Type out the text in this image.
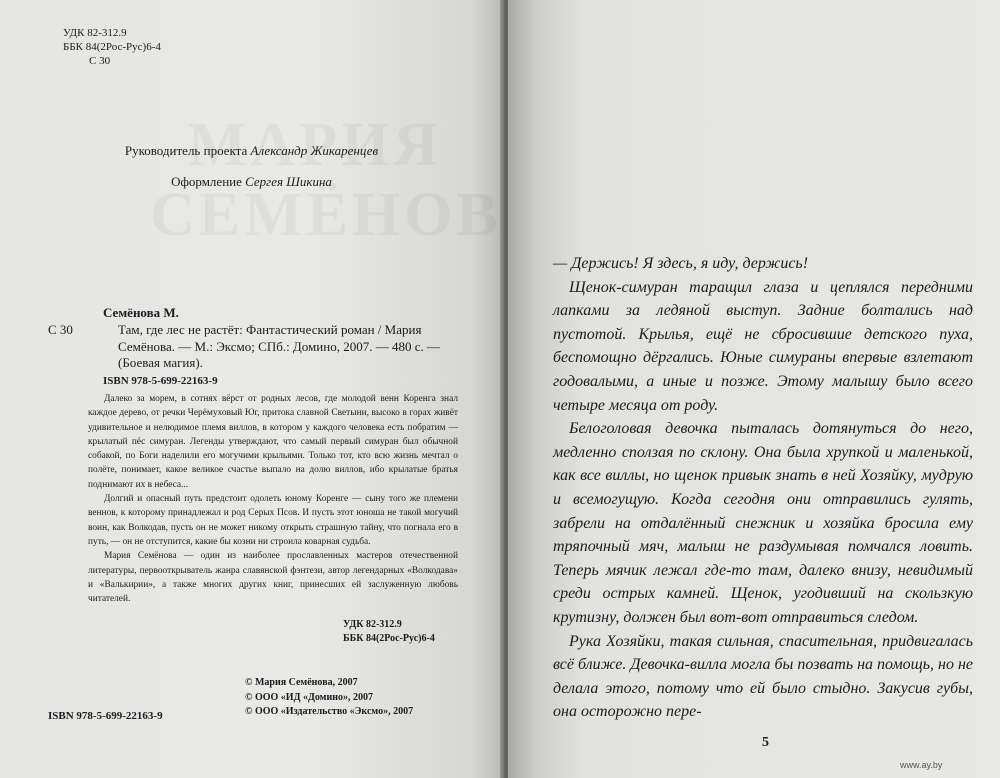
УДК 82-312.9
ББК 84(2Рос-Рус)6-4
С 30
Руководитель проекта Александр Жикаренцев
Оформление Сергея Шикина
Семёнова М.
С 30	Там, где лес не растёт: Фантастический роман / Мария Семёнова. — М.: Эксмо; СПб.: Домино, 2007. — 480 с. — (Боевая магия).
ISBN 978-5-699-22163-9

Далеко за морем, в сотнях вёрст от родных лесов, где молодой венн Коренга знал каждое дерево, от речки Черёмуховый Юг, притока славной Светыни, высоко в горах живёт удивительное и нелюдимое племя виллов, в котором у каждого человека есть побратим — крылатый пёс симуран. Легенды утверждают, что самый первый симуран был обычной собакой, по Боги наделили его могучими крыльями. Только тот, кто всю жизнь мечтал о полёте, понимает, какое великое счастье выпало на долю виллов, ибо крылатые братья поднимают их в небеса...

Долгий и опасный путь предстоит одолеть юному Коренге — сыну того же племени веннов, к которому принадлежал и род Серых Псов. И пусть этот юноша не такой могучий воин, как Волкодав, пусть он не может никому открыть страшную тайну, что погнала его в путь, — он не отступится, какие бы козни ни строила коварная судьба.

Мария Семёнова — один из наиболее прославленных мастеров отечественной литературы, первооткрыватель жанра славянской фэнтези, автор легендарных «Волкодава» и «Валькирии», а также многих других книг, принесших ей заслуженную любовь читателей.

УДК 82-312.9
ББК 84(2Рос-Рус)6-4
© Мария Семёнова, 2007
© ООО «ИД «Домино», 2007
© ООО «Издательство «Эксмо», 2007
ISBN 978-5-699-22163-9

— Держись! Я здесь, я иду, держись!

Щенок-симуран таращил глаза и цеплялся передними лапками за ледяной выступ. Задние болтались над пустотой. Крылья, ещё не сбросившие детского пуха, беспомощно дёргались. Юные симураны впервые взлетают годовалыми, а иные и позже. Этому малышу было всего четыре месяца от роду.

Белоголовая девочка пыталась дотянуться до него, медленно сползая по склону. Она была хрупкой и маленькой, как все виллы, но щенок привык знать в ней Хозяйку, мудрую и всемогущую. Когда сегодня они отправились гулять, забрели на отдалённый снежник и хозяйка бросила ему тряпочный мяч, малыш не раздумывая помчался ловить. Теперь мячик лежал где-то там, далеко внизу, невидимый среди острых камней. Щенок, угодивший на скользкую крутизну, должен был вот-вот отправиться следом.

Рука Хозяйки, такая сильная, спасительная, придвигалась всё ближе. Девочка-вилла могла бы позвать на помощь, но не делала этого, потому что ей было стыдно. Закусив губы, она осторожно пере-

5
www.ay.by
